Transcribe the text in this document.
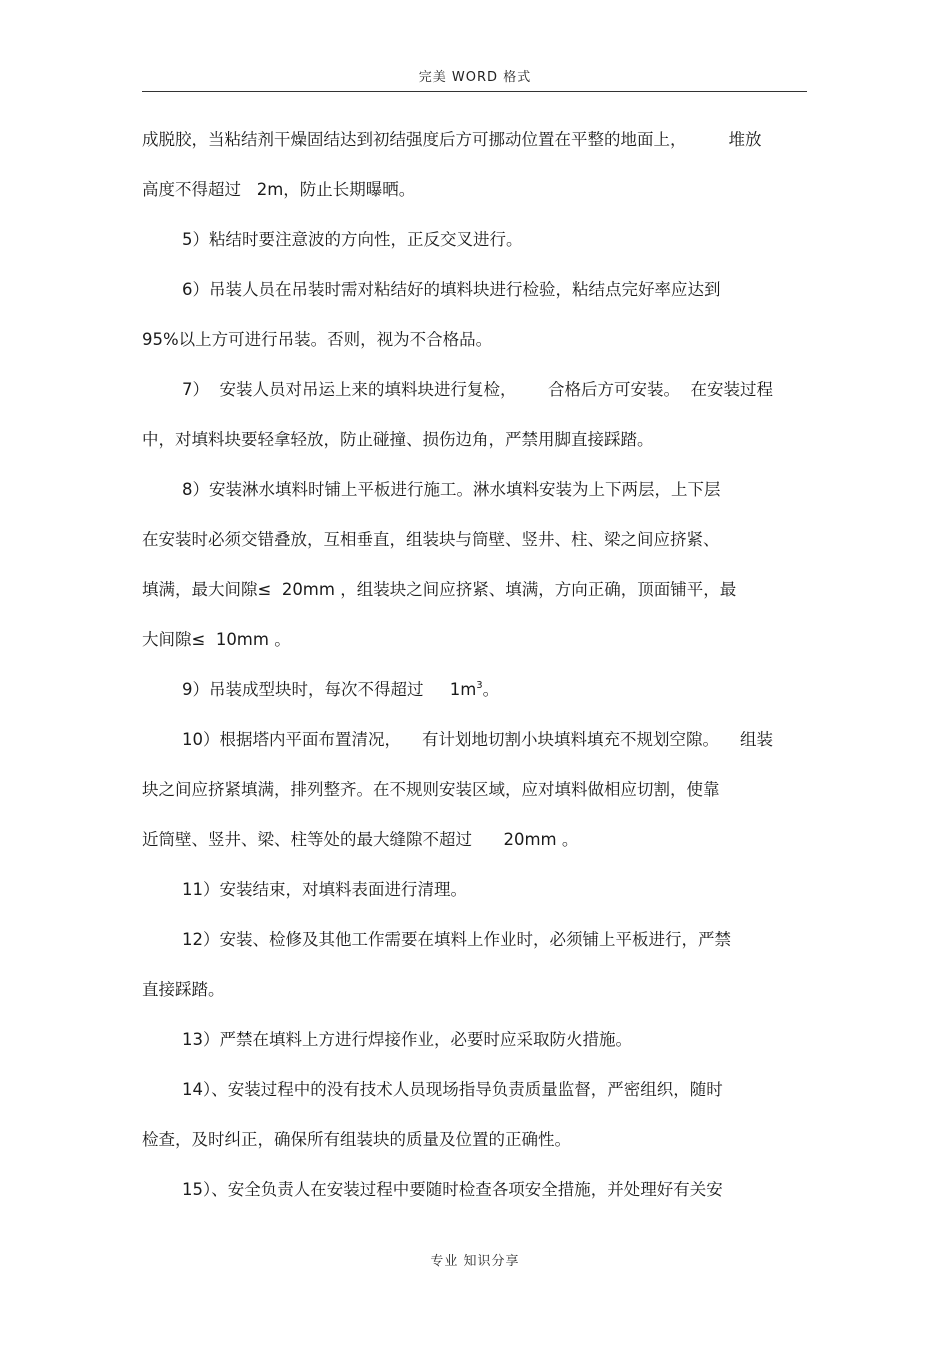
完美 WORD 格式
成脱胶，当粘结剂干燥固结达到初结强度后方可挪动位置在平整的地面上，        堆放
高度不得超过   2m，防止长期曝晒。
5）粘结时要注意波的方向性，正反交叉进行。
6）吊装人员在吊装时需对粘结好的填料块进行检验，粘结点完好率应达到
95%以上方可进行吊装。否则，视为不合格品。
7）  安装人员对吊运上来的填料块进行复检，      合格后方可安装。  在安装过程
中，对填料块要轻拿轻放，防止碰撞、损伤边角，严禁用脚直接踩踏。
8）安装淋水填料时铺上平板进行施工。淋水填料安装为上下两层，上下层
在安装时必须交错叠放，互相垂直，组装块与筒壁、竖井、柱、梁之间应挤紧、
填满，最大间隙≤  20mm ，组装块之间应挤紧、填满，方向正确，顶面铺平，最
大间隙≤  10mm 。
9）吊装成型块时，每次不得超过     $1m^3$。
10）根据塔内平面布置清况，    有计划地切割小块填料填充不规划空隙。    组装
块之间应挤紧填满，排列整齐。在不规则安装区域，应对填料做相应切割，使靠
近筒壁、竖井、梁、柱等处的最大缝隙不超过      20mm 。
11）安装结束，对填料表面进行清理。
12）安装、检修及其他工作需要在填料上作业时，必须铺上平板进行，严禁
直接踩踏。
13）严禁在填料上方进行焊接作业，必要时应采取防火措施。
14）、安装过程中的没有技术人员现场指导负责质量监督，严密组织，随时
检查，及时纠正，确保所有组装块的质量及位置的正确性。
15）、安全负责人在安装过程中要随时检查各项安全措施，并处理好有关安
专业 知识分享
